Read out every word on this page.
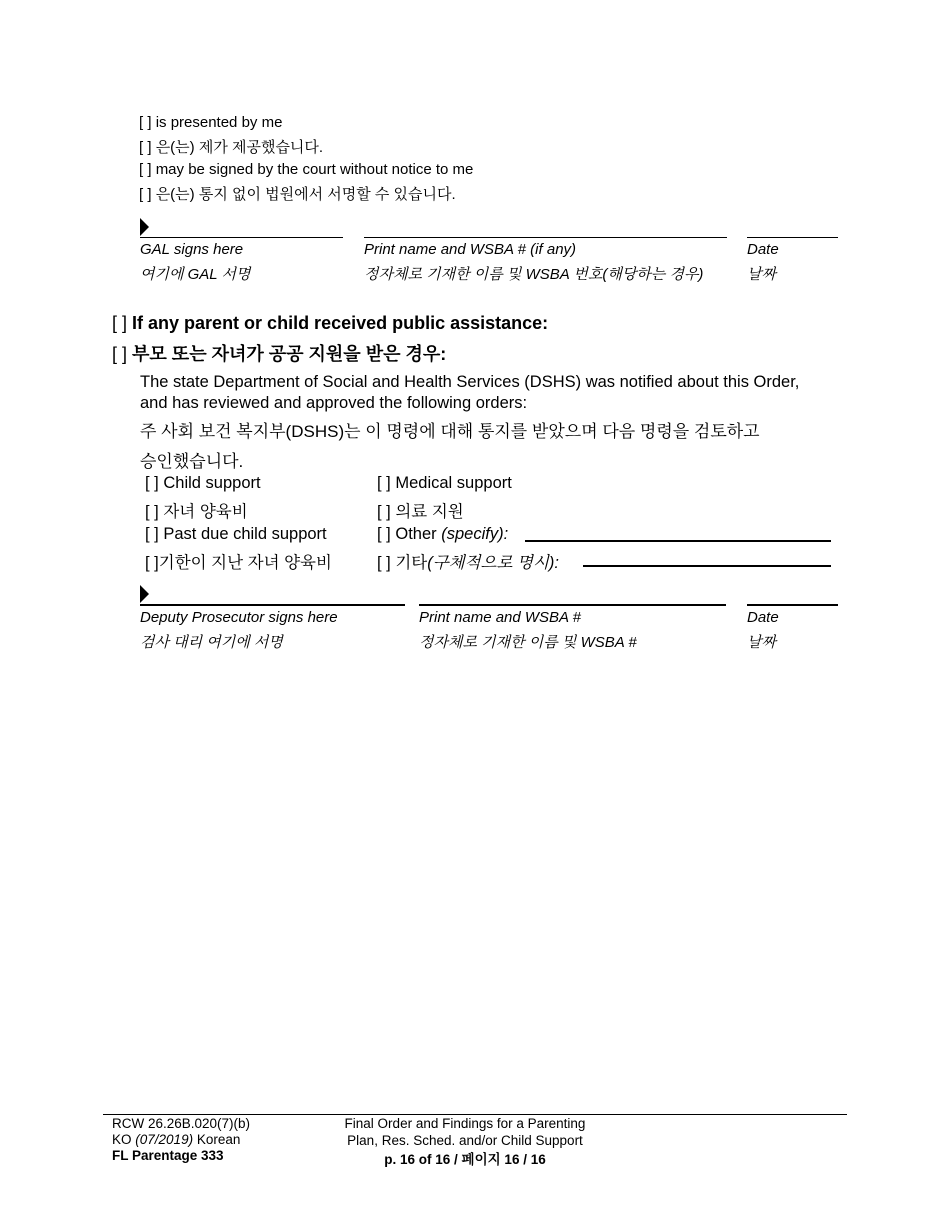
[ ] is presented by me
[ ] 은(는) 제가 제공했습니다.
[ ] may be signed by the court without notice to me
[ ] 은(는) 통지 없이 법원에서 서명할 수 있습니다.
GAL signs here
여기에 GAL 서명
Print name and WSBA # (if any)
정자체로 기재한 이름 및 WSBA 번호(해당하는 경우)
Date
날짜
[ ] If any parent or child received public assistance:
[ ] 부모 또는 자녀가 공공 지원을 받은 경우:
The state Department of Social and Health Services (DSHS) was notified about this Order,
and has reviewed and approved the following orders:
주 사회 보건 복지부(DSHS)는 이 명령에 대해 통지를 받았으며 다음 명령을 검토하고
승인했습니다.
[ ] Child support
[ ] 자녀 양육비
[ ] Past due child support
[ ]기한이 지난 자녀 양육비
[ ] Medical support
[ ] 의료 지원
[ ] Other (specify):
[ ] 기타(구체적으로 명시):
Deputy Prosecutor signs here
검사 대리 여기에 서명
Print name and WSBA #
정자체로 기재한 이름 및 WSBA #
Date
날짜
RCW 26.26B.020(7)(b)
KO (07/2019) Korean
FL Parentage 333
Final Order and Findings for a Parenting
Plan, Res. Sched. and/or Child Support
p. 16 of 16 / 페이지 16 / 16
